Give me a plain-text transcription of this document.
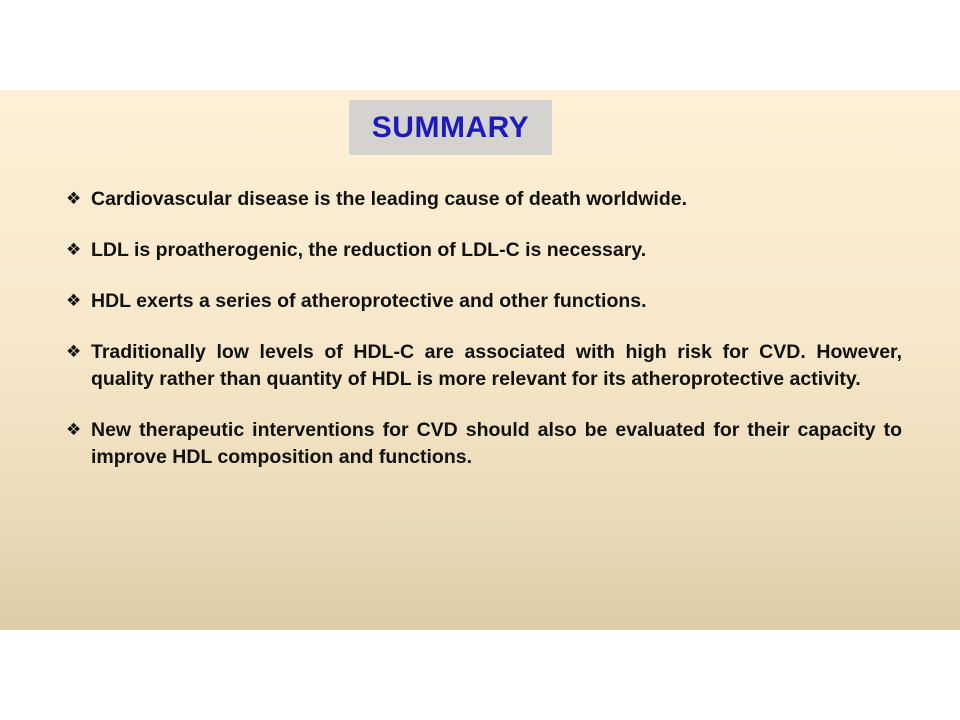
SUMMARY
❖ Cardiovascular disease is the leading cause of death worldwide.
❖ LDL is proatherogenic, the reduction of LDL-C is necessary.
❖ HDL exerts a series of atheroprotective and other functions.
❖ Traditionally low levels of HDL-C are associated with high risk for CVD. However, quality rather than quantity of HDL is more relevant for its atheroprotective activity.
❖ New therapeutic interventions for CVD should also be evaluated for their capacity to improve HDL composition and functions.
